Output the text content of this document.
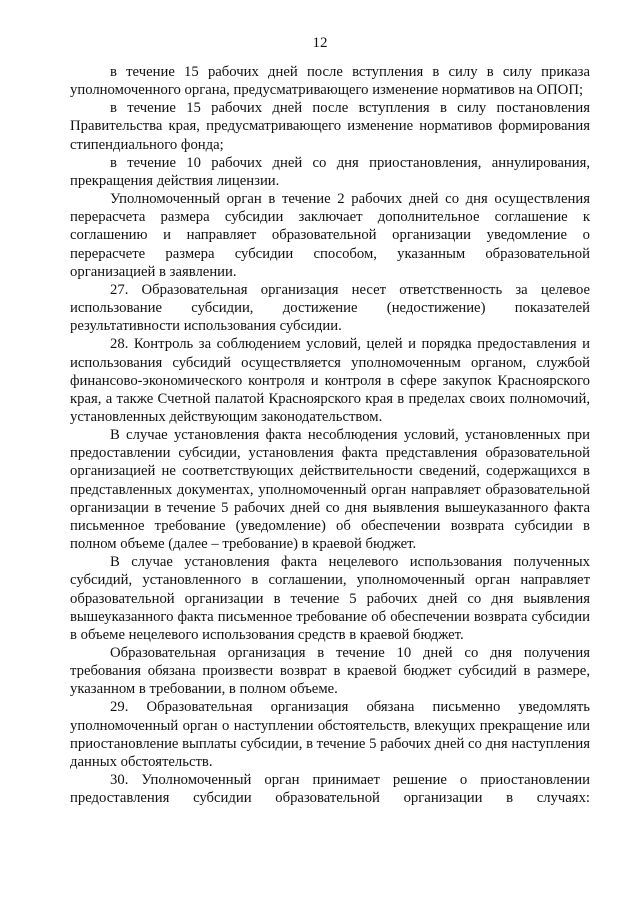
12

в течение 15 рабочих дней после вступления в силу в силу приказа уполномоченного органа, предусматривающего изменение нормативов на ОПОП;

в течение 15 рабочих дней после вступления в силу постановления Правительства края, предусматривающего изменение нормативов формирования стипендиального фонда;

в течение 10 рабочих дней со дня приостановления, аннулирования, прекращения действия лицензии.

Уполномоченный орган в течение 2 рабочих дней со дня осуществления перерасчета размера субсидии заключает дополнительное соглашение к соглашению и направляет образовательной организации уведомление о перерасчете размера субсидии способом, указанным образовательной организацией в заявлении.

27. Образовательная организация несет ответственность за целевое использование субсидии, достижение (недостижение) показателей результативности использования субсидии.

28. Контроль за соблюдением условий, целей и порядка предоставления и использования субсидий осуществляется уполномоченным органом, службой финансово-экономического контроля и контроля в сфере закупок Красноярского края, а также Счетной палатой Красноярского края в пределах своих полномочий, установленных действующим законодательством.

В случае установления факта несоблюдения условий, установленных при предоставлении субсидии, установления факта представления образовательной организацией не соответствующих действительности сведений, содержащихся в представленных документах, уполномоченный орган направляет образовательной организации в течение 5 рабочих дней со дня выявления вышеуказанного факта письменное требование (уведомление) об обеспечении возврата субсидии в полном объеме (далее – требование) в краевой бюджет.

В случае установления факта нецелевого использования полученных субсидий, установленного в соглашении, уполномоченный орган направляет образовательной организации в течение 5 рабочих дней со дня выявления вышеуказанного факта письменное требование об обеспечении возврата субсидии в объеме нецелевого использования средств в краевой бюджет.

Образовательная организация в течение 10 дней со дня получения требования обязана произвести возврат в краевой бюджет субсидий в размере, указанном в требовании, в полном объеме.

29. Образовательная организация обязана письменно уведомлять уполномоченный орган о наступлении обстоятельств, влекущих прекращение или приостановление выплаты субсидии, в течение 5 рабочих дней со дня наступления данных обстоятельств.

30. Уполномоченный орган принимает решение о приостановлении предоставления субсидии образовательной организации в случаях:
